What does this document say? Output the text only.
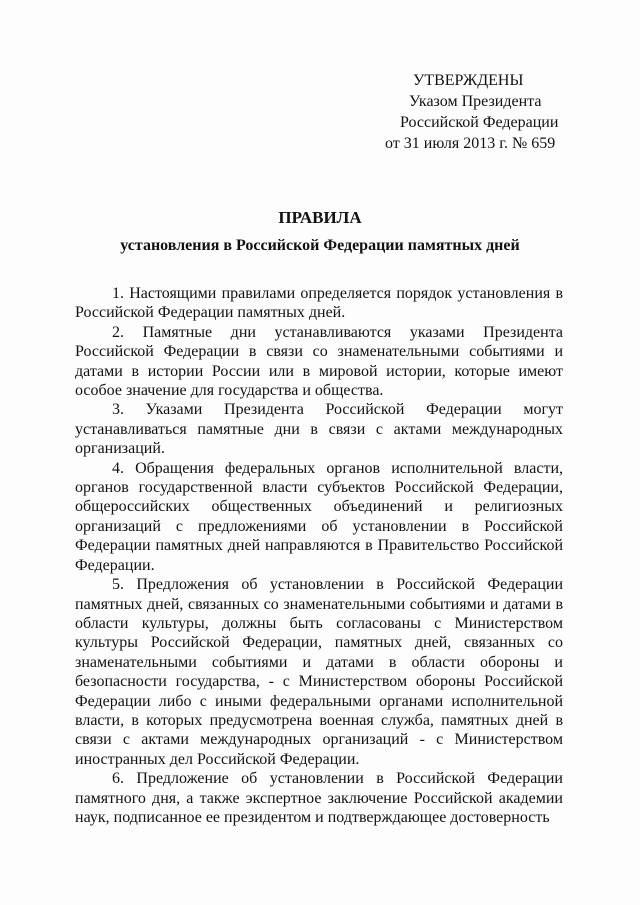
УТВЕРЖДЕНЫ
Указом Президента
Российской Федерации
от 31 июля 2013 г. № 659
ПРАВИЛА
установления в Российской Федерации памятных дней

1. Настоящими правилами определяется порядок установления в Российской Федерации памятных дней.

2. Памятные дни устанавливаются указами Президента Российской Федерации в связи со знаменательными событиями и датами в истории России или в мировой истории, которые имеют особое значение для государства и общества.

3. Указами Президента Российской Федерации могут устанавливаться памятные дни в связи с актами международных организаций.

4. Обращения федеральных органов исполнительной власти, органов государственной власти субъектов Российской Федерации, общероссийских общественных объединений и религиозных организаций с предложениями об установлении в Российской Федерации памятных дней направляются в Правительство Российской Федерации.

5. Предложения об установлении в Российской Федерации памятных дней, связанных со знаменательными событиями и датами в области культуры, должны быть согласованы с Министерством культуры Российской Федерации, памятных дней, связанных со знаменательными событиями и датами в области обороны и безопасности государства, - с Министерством обороны Российской Федерации либо с иными федеральными органами исполнительной власти, в которых предусмотрена военная служба, памятных дней в связи с актами международных организаций - с Министерством иностранных дел Российской Федерации.

6. Предложение об установлении в Российской Федерации памятного дня, а также экспертное заключение Российской академии наук, подписанное ее президентом и подтверждающее достоверность
